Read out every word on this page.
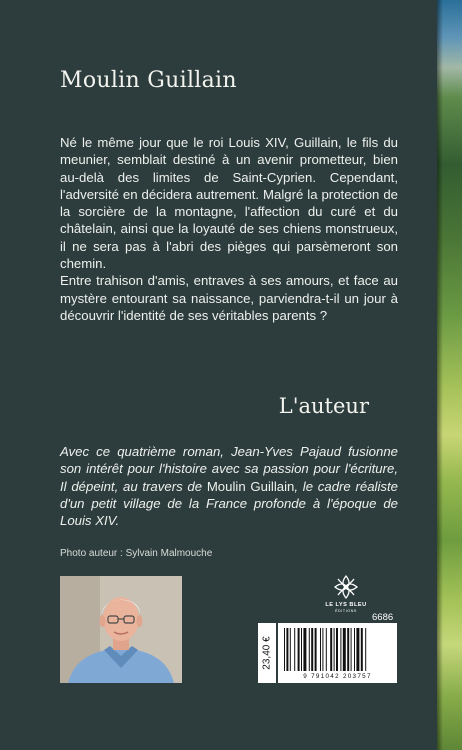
Moulin Guillain

Né le même jour que le roi Louis XIV, Guillain, le fils du meunier, semblait destiné à un avenir prometteur, bien au-delà des limites de Saint-Cyprien. Cependant, l'adversité en décidera autrement. Malgré la protection de la sorcière de la montagne, l'affection du curé et du châtelain, ainsi que la loyauté de ses chiens monstrueux, il ne sera pas à l'abri des pièges qui parsèmeront son chemin.

Entre trahison d'amis, entraves à ses amours, et face au mystère entourant sa naissance, parviendra-t-il un jour à découvrir l'identité de ses véritables parents ?

L'auteur

Avec ce quatrième roman, Jean-Yves Pajaud fusionne son intérêt pour l'histoire avec sa passion pour l'écriture, Il dépeint, au travers de Moulin Guillain, le cadre réaliste d'un petit village de la France profonde à l'époque de Louis XIV.

Photo auteur : Sylvain Malmouche

LE LYS BLEU
ÉDITIONS
6686
23,40 €
9 791042 203757
